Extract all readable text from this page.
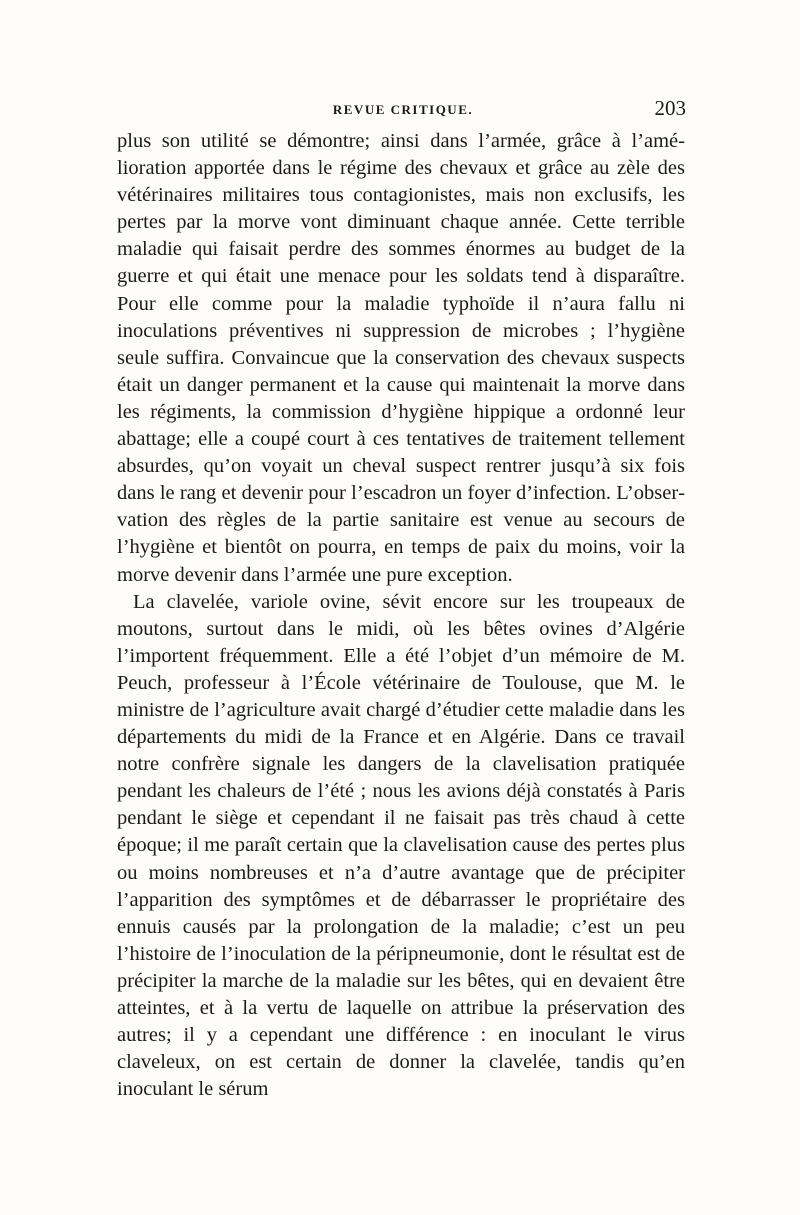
REVUE CRITIQUE.	203

plus son utilité se démontre; ainsi dans l’armée, grâce à l’amélioration apportée dans le régime des chevaux et grâce au zèle des vétérinaires militaires tous contagionistes, mais non exclusifs, les pertes par la morve vont diminuant chaque année. Cette terrible maladie qui faisait perdre des sommes énormes au budget de la guerre et qui était une menace pour les soldats tend à disparaître. Pour elle comme pour la maladie typhoïde il n’aura fallu ni inoculations préventives ni suppression de microbes ; l’hygiène seule suffira. Convaincue que la conservation des chevaux suspects était un danger permanent et la cause qui maintenait la morve dans les régiments, la commission d’hygiène hippique a ordonné leur abattage; elle a coupé court à ces tentatives de traitement tellement absurdes, qu’on voyait un cheval suspect rentrer jusqu’à six fois dans le rang et devenir pour l’escadron un foyer d’infection. L’observation des règles de la partie sanitaire est venue au secours de l’hygiène et bientôt on pourra, en temps de paix du moins, voir la morve devenir dans l’armée une pure exception.

La clavelée, variole ovine, sévit encore sur les troupeaux de moutons, surtout dans le midi, où les bêtes ovines d’Algérie l’importent fréquemment. Elle a été l’objet d’un mémoire de M. Peuch, professeur à l’École vétérinaire de Toulouse, que M. le ministre de l’agriculture avait chargé d’étudier cette maladie dans les départements du midi de la France et en Algérie. Dans ce travail notre confrère signale les dangers de la clavelisation pratiquée pendant les chaleurs de l’été ; nous les avions déjà constatés à Paris pendant le siège et cependant il ne faisait pas très chaud à cette époque; il me paraît certain que la clavelisation cause des pertes plus ou moins nombreuses et n’a d’autre avantage que de précipiter l’apparition des symptômes et de débarrasser le propriétaire des ennuis causés par la prolongation de la maladie; c’est un peu l’histoire de l’inoculation de la péripneumonie, dont le résultat est de précipiter la marche de la maladie sur les bêtes, qui en devaient être atteintes, et à la vertu de laquelle on attribue la préservation des autres; il y a cependant une différence : en inoculant le virus claveleux, on est certain de donner la clavelée, tandis qu’en inoculant le sérum
